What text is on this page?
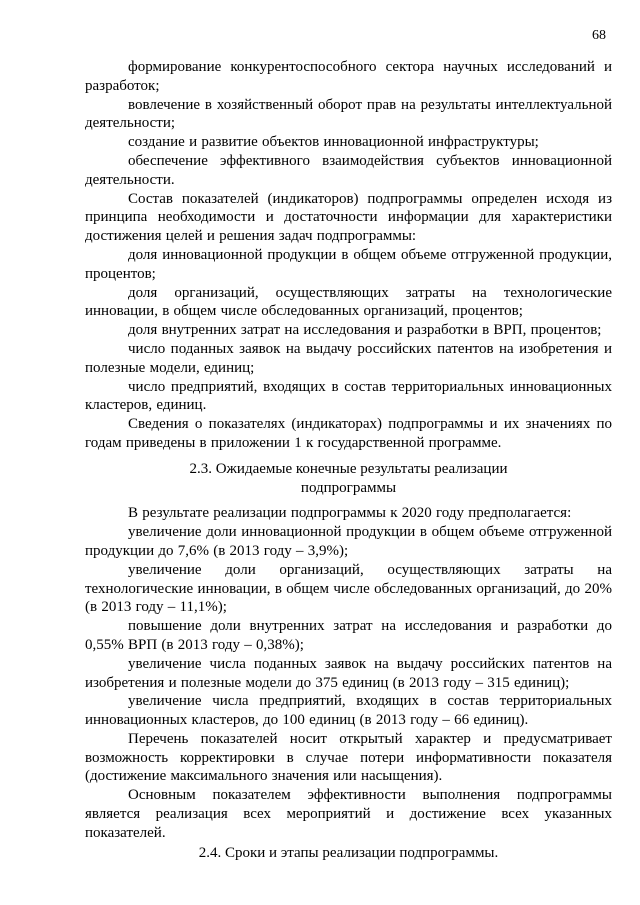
68

формирование конкурентоспособного сектора научных исследований и разработок;

вовлечение в хозяйственный оборот прав на результаты интеллектуальной деятельности;

создание и развитие объектов инновационной инфраструктуры;

обеспечение эффективного взаимодействия субъектов инновационной деятельности.

Состав показателей (индикаторов) подпрограммы определен исходя из принципа необходимости и достаточности информации для характеристики достижения целей и решения задач подпрограммы:

доля инновационной продукции в общем объеме отгруженной продукции, процентов;

доля организаций, осуществляющих затраты на технологические инновации, в общем числе обследованных организаций, процентов;

доля внутренних затрат на исследования и разработки в ВРП, процентов;

число поданных заявок на выдачу российских патентов на изобретения и полезные модели, единиц;

число предприятий, входящих в состав территориальных инновационных кластеров, единиц.

Сведения о показателях (индикаторах) подпрограммы и их значениях по годам приведены в приложении 1 к государственной программе.

2.3. Ожидаемые конечные результаты реализации
подпрограммы

В результате реализации подпрограммы к 2020 году предполагается:

увеличение доли инновационной продукции в общем объеме отгруженной продукции до 7,6% (в 2013 году – 3,9%);

увеличение доли организаций, осуществляющих затраты на технологические инновации, в общем числе обследованных организаций, до 20% (в 2013 году – 11,1%);

повышение доли внутренних затрат на исследования и разработки до 0,55% ВРП (в 2013 году – 0,38%);

увеличение числа поданных заявок на выдачу российских патентов на изобретения и полезные модели до 375 единиц (в 2013 году – 315 единиц);

увеличение числа предприятий, входящих в состав территориальных инновационных кластеров, до 100 единиц (в 2013 году – 66 единиц).

Перечень показателей носит открытый характер и предусматривает возможность корректировки в случае потери информативности показателя (достижение максимального значения или насыщения).

Основным показателем эффективности выполнения подпрограммы является реализация всех мероприятий и достижение всех указанных показателей.

2.4. Сроки и этапы реализации подпрограммы.
